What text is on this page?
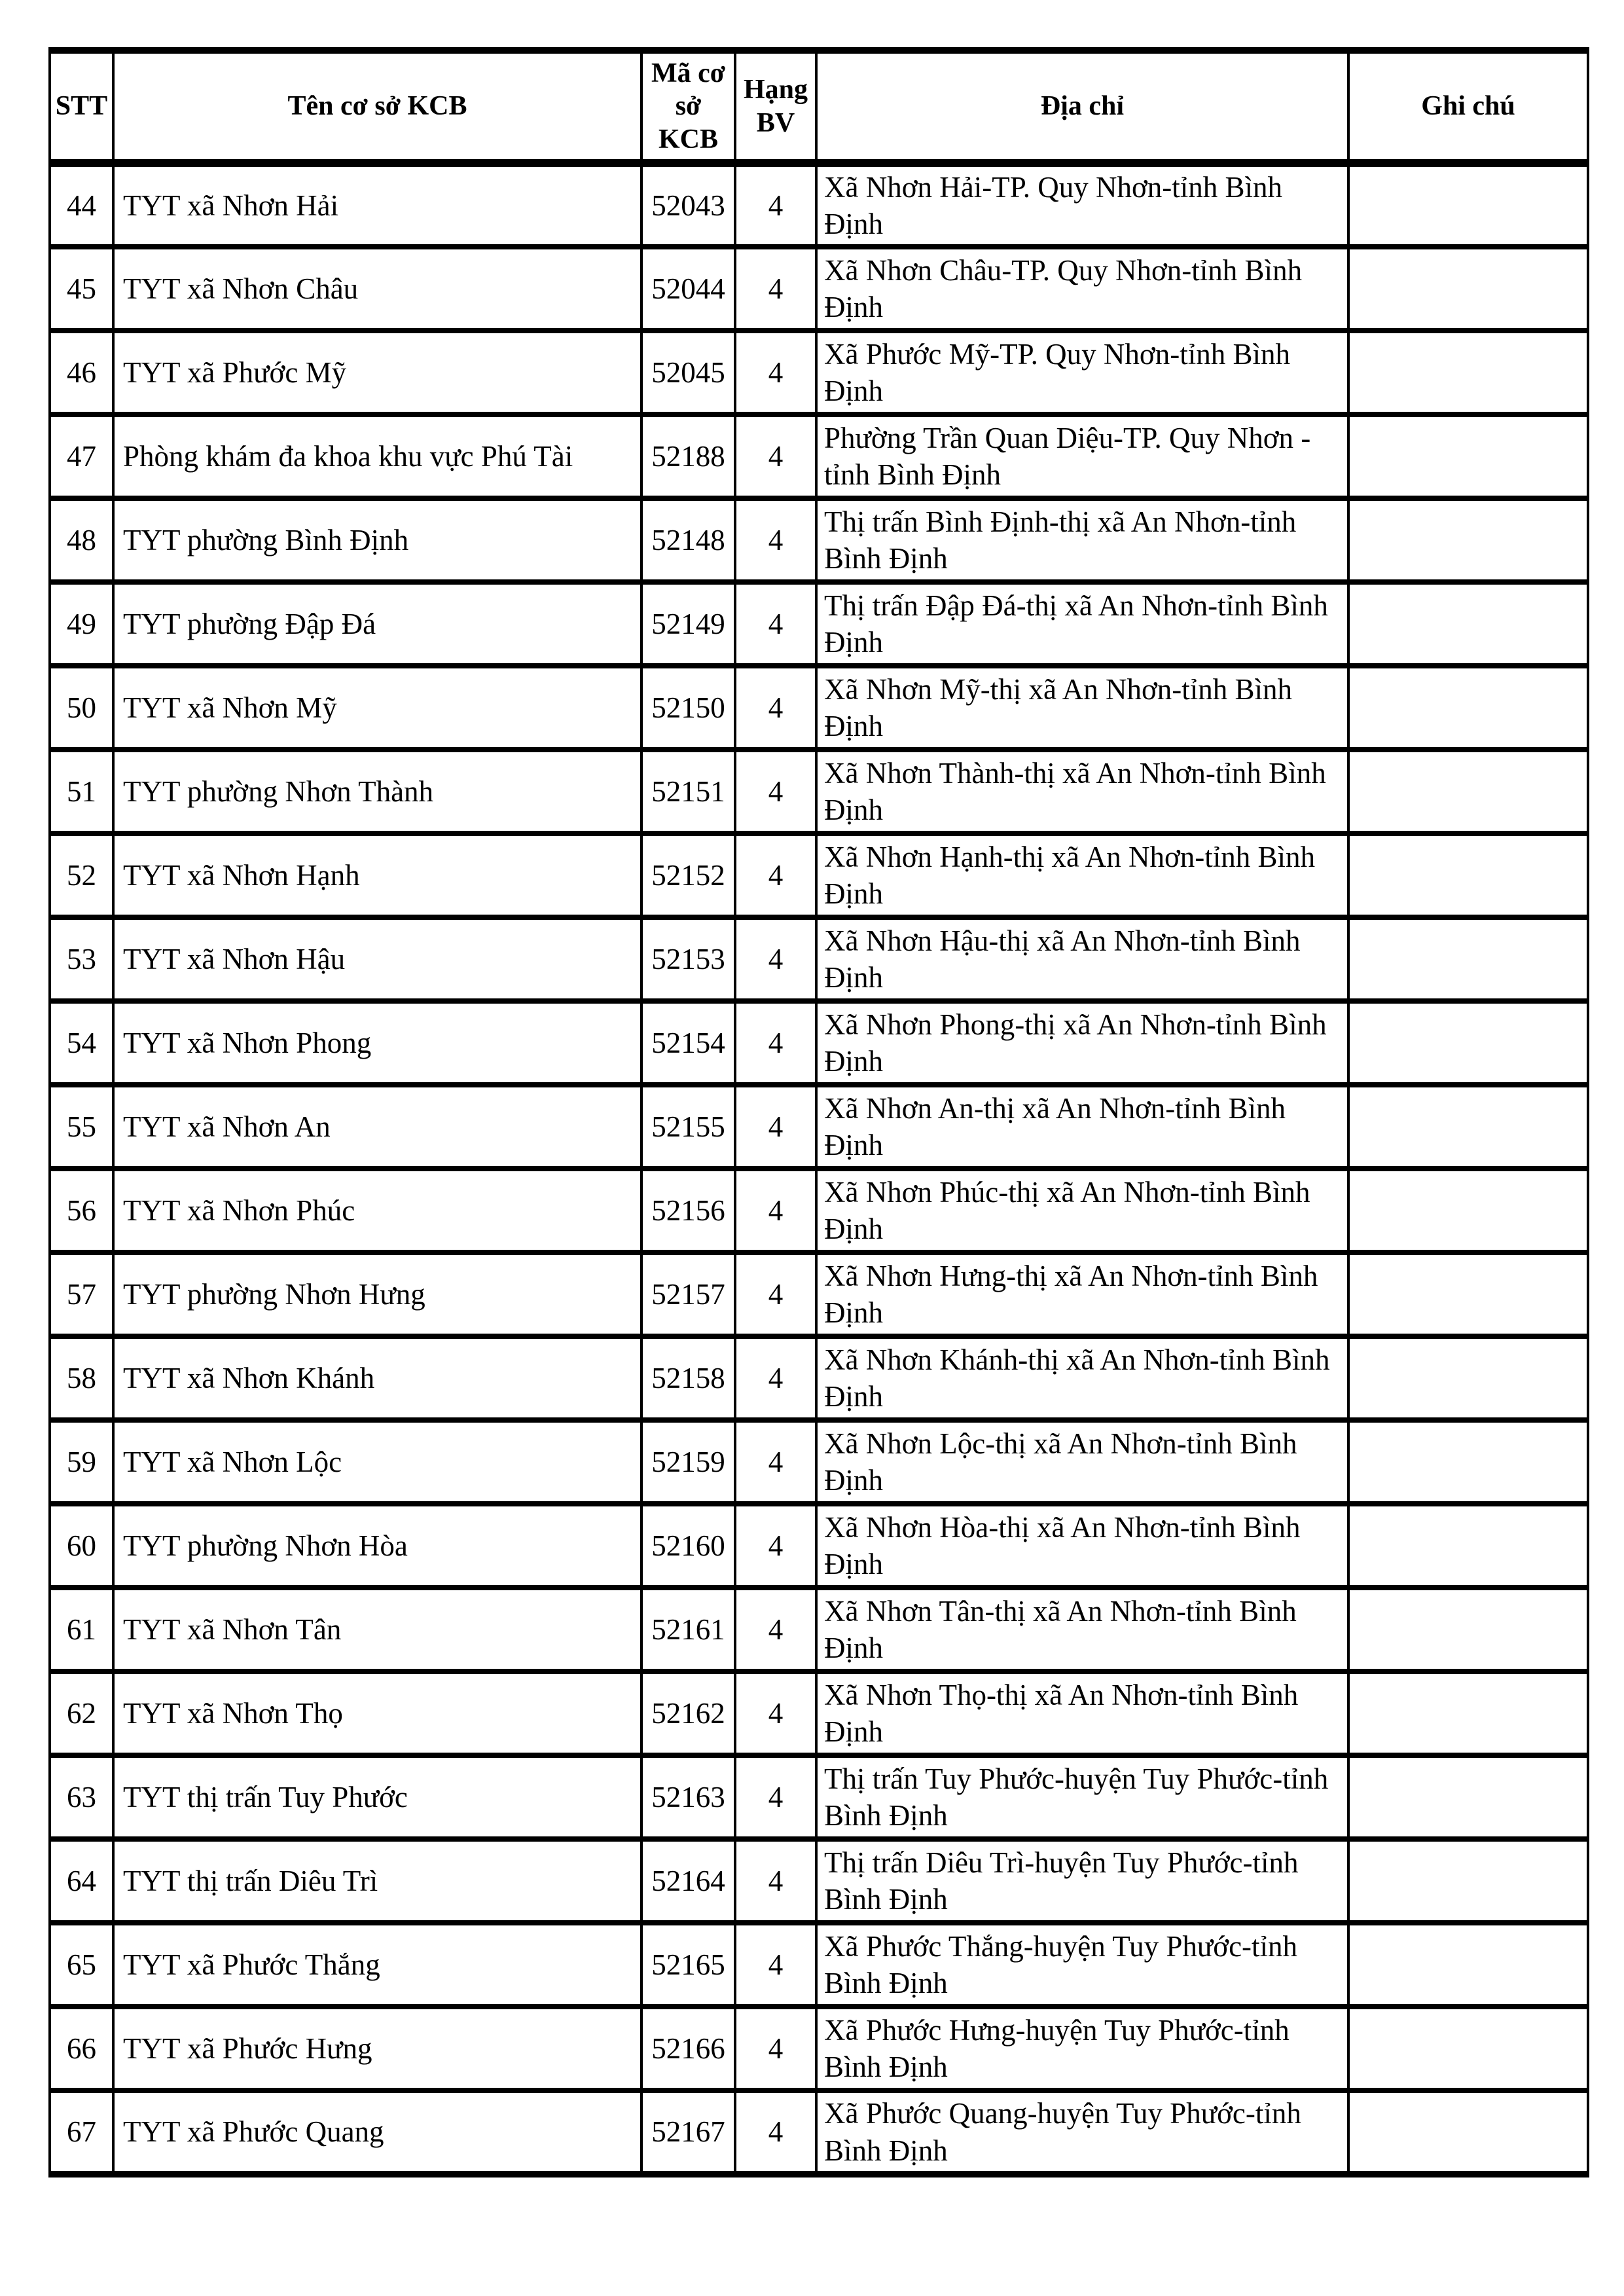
STT	Tên cơ sở KCB	Mã cơ sở KCB	Hạng BV	Địa chỉ	Ghi chú
44	TYT xã Nhơn Hải	52043	4	Xã Nhơn Hải-TP. Quy Nhơn-tỉnh Bình Định	
45	TYT xã Nhơn Châu	52044	4	Xã Nhơn Châu-TP. Quy Nhơn-tỉnh Bình Định	
46	TYT xã Phước Mỹ	52045	4	Xã Phước Mỹ-TP. Quy Nhơn-tỉnh Bình Định	
47	Phòng khám đa khoa khu vực Phú Tài	52188	4	Phường Trần Quan Diệu-TP. Quy Nhơn - tỉnh Bình Định	
48	TYT phường Bình Định	52148	4	Thị trấn Bình Định-thị xã An Nhơn-tỉnh Bình Định	
49	TYT phường Đập Đá	52149	4	Thị trấn Đập Đá-thị xã An Nhơn-tỉnh Bình Định	
50	TYT xã Nhơn Mỹ	52150	4	Xã Nhơn Mỹ-thị xã An Nhơn-tỉnh Bình Định	
51	TYT phường Nhơn Thành	52151	4	Xã Nhơn Thành-thị xã An Nhơn-tỉnh Bình Định	
52	TYT xã Nhơn Hạnh	52152	4	Xã Nhơn Hạnh-thị xã An Nhơn-tỉnh Bình Định	
53	TYT xã Nhơn Hậu	52153	4	Xã Nhơn Hậu-thị xã An Nhơn-tỉnh Bình Định	
54	TYT xã Nhơn Phong	52154	4	Xã Nhơn Phong-thị xã An Nhơn-tỉnh Bình Định	
55	TYT xã Nhơn An	52155	4	Xã Nhơn An-thị xã An Nhơn-tỉnh Bình Định	
56	TYT xã Nhơn Phúc	52156	4	Xã Nhơn Phúc-thị xã An Nhơn-tỉnh Bình Định	
57	TYT phường Nhơn Hưng	52157	4	Xã Nhơn Hưng-thị xã An Nhơn-tỉnh Bình Định	
58	TYT xã Nhơn Khánh	52158	4	Xã Nhơn Khánh-thị xã An Nhơn-tỉnh Bình Định	
59	TYT xã Nhơn Lộc	52159	4	Xã Nhơn Lộc-thị xã An Nhơn-tỉnh Bình Định	
60	TYT phường Nhơn Hòa	52160	4	Xã Nhơn Hòa-thị xã An Nhơn-tỉnh Bình Định	
61	TYT xã Nhơn Tân	52161	4	Xã Nhơn Tân-thị xã An Nhơn-tỉnh Bình Định	
62	TYT xã Nhơn Thọ	52162	4	Xã Nhơn Thọ-thị xã An Nhơn-tỉnh Bình Định	
63	TYT thị trấn Tuy Phước	52163	4	Thị trấn Tuy Phước-huyện Tuy Phước-tỉnh Bình Định	
64	TYT thị trấn Diêu Trì	52164	4	Thị trấn Diêu Trì-huyện Tuy Phước-tỉnh Bình Định	
65	TYT xã Phước Thắng	52165	4	Xã Phước Thắng-huyện Tuy Phước-tỉnh Bình Định	
66	TYT xã Phước Hưng	52166	4	Xã Phước Hưng-huyện Tuy Phước-tỉnh Bình Định	
67	TYT xã Phước Quang	52167	4	Xã Phước Quang-huyện Tuy Phước-tỉnh Bình Định	
